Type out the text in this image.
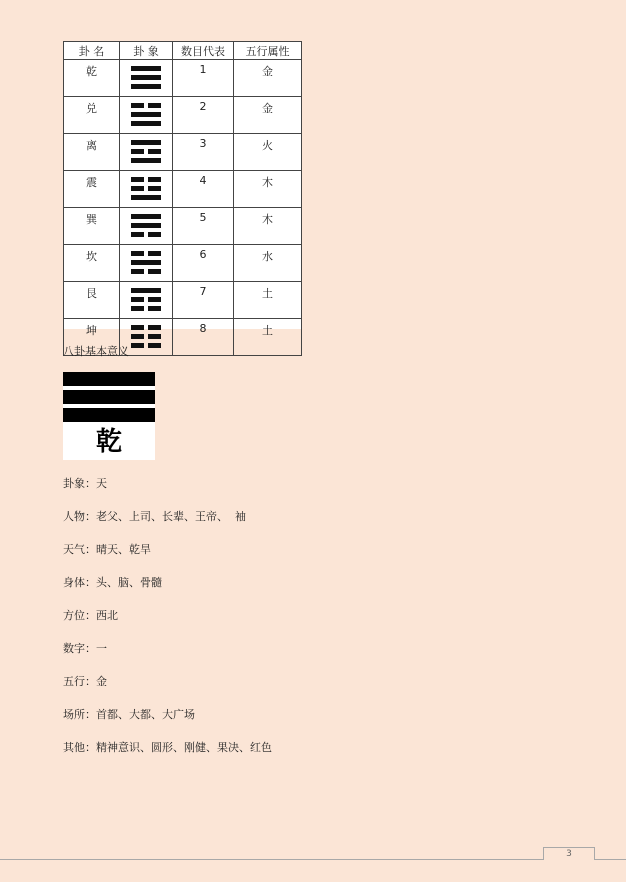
卦 名	卦 象	数目代表	五行属性
乾		1	金
兑		2	金
离		3	火
震		4	木
巽		5	木
坎		6	水
艮		7	土
坤		8	土
八卦基本意义
乾
卦象：天
人物：老父、上司、长辈、王帝、  袖
天气：晴天、乾旱
身体：头、脑、骨髓
方位：西北
数字：一
五行：金
场所：首都、大都、大广场
其他：精神意识、圆形、刚健、果决、红色
3
